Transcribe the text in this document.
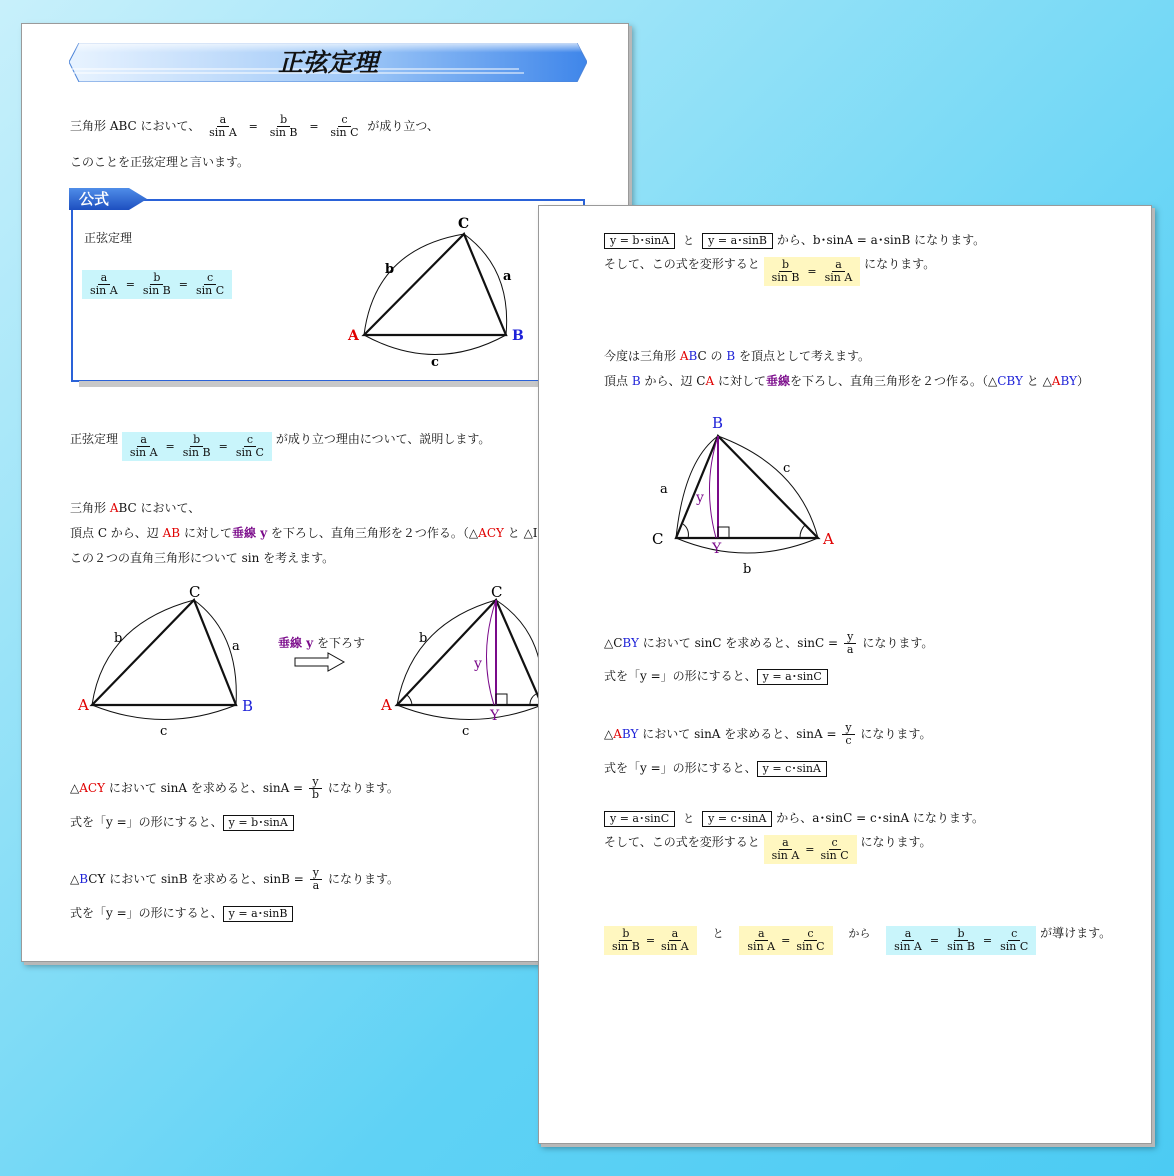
正弦定理
三角形 ABC において、 $\frac{a}{\text{sin A}} = \frac{b}{\text{sin B}} = \frac{c}{\text{sin C}}$ が成り立つ、
このことを正弦定理と言います。
公式
正弦定理
$\frac{a}{\text{sin A}} = \frac{b}{\text{sin B}} = \frac{c}{\text{sin C}}$
C
A	B
b	a
c
正弦定理 $\frac{a}{\text{sin A}} = \frac{b}{\text{sin B}} = \frac{c}{\text{sin C}}$ が成り立つ理由について、説明します。
三角形 ABC において、
頂点 C から、辺 AB に対して垂線 y を下ろし、直角三角形を２つ作る。（△ACY と △I
この２つの直角三角形について sin を考えます。
C
A	B
b
a
c
垂線 y を下ろす
C
A
b
c
y
Y
△ACY において sinA を求めると、$\sin A = \frac{y}{b}$ になります。
式を「y =」の形にすると、 y = b･sinA
△BCY において sinB を求めると、$\sin B = \frac{y}{a}$ になります。
式を「y =」の形にすると、 y = a･sinB
y = b･sinA と y = a･sinB から、b･sinA = a･sinB になります。
そして、この式を変形すると $\frac{b}{\text{sin B}} = \frac{a}{\text{sin A}}$ になります。
今度は三角形 ABC の B を頂点として考えます。
頂点 B から、辺 CA に対して垂線を下ろし、直角三角形を２つ作る。（△CBY と △ABY）
B
C	A
a
c
b
y
Y
△CBY において sinC を求めると、$\sin C = \frac{y}{a}$ になります。
式を「y =」の形にすると、 y = a･sinC
△ABY において sinA を求めると、$\sin A = \frac{y}{c}$ になります。
式を「y =」の形にすると、 y = c･sinA
y = a･sinC と y = c･sinA から、a･sinC = c･sinA になります。
そして、この式を変形すると $\frac{a}{\text{sin A}} = \frac{c}{\text{sin C}}$ になります。
$\frac{b}{\text{sin B}} = \frac{a}{\text{sin A}}$ と $\frac{a}{\text{sin A}} = \frac{c}{\text{sin C}}$ から $\frac{a}{\text{sin A}} = \frac{b}{\text{sin B}} = \frac{c}{\text{sin C}}$ が導けます。
